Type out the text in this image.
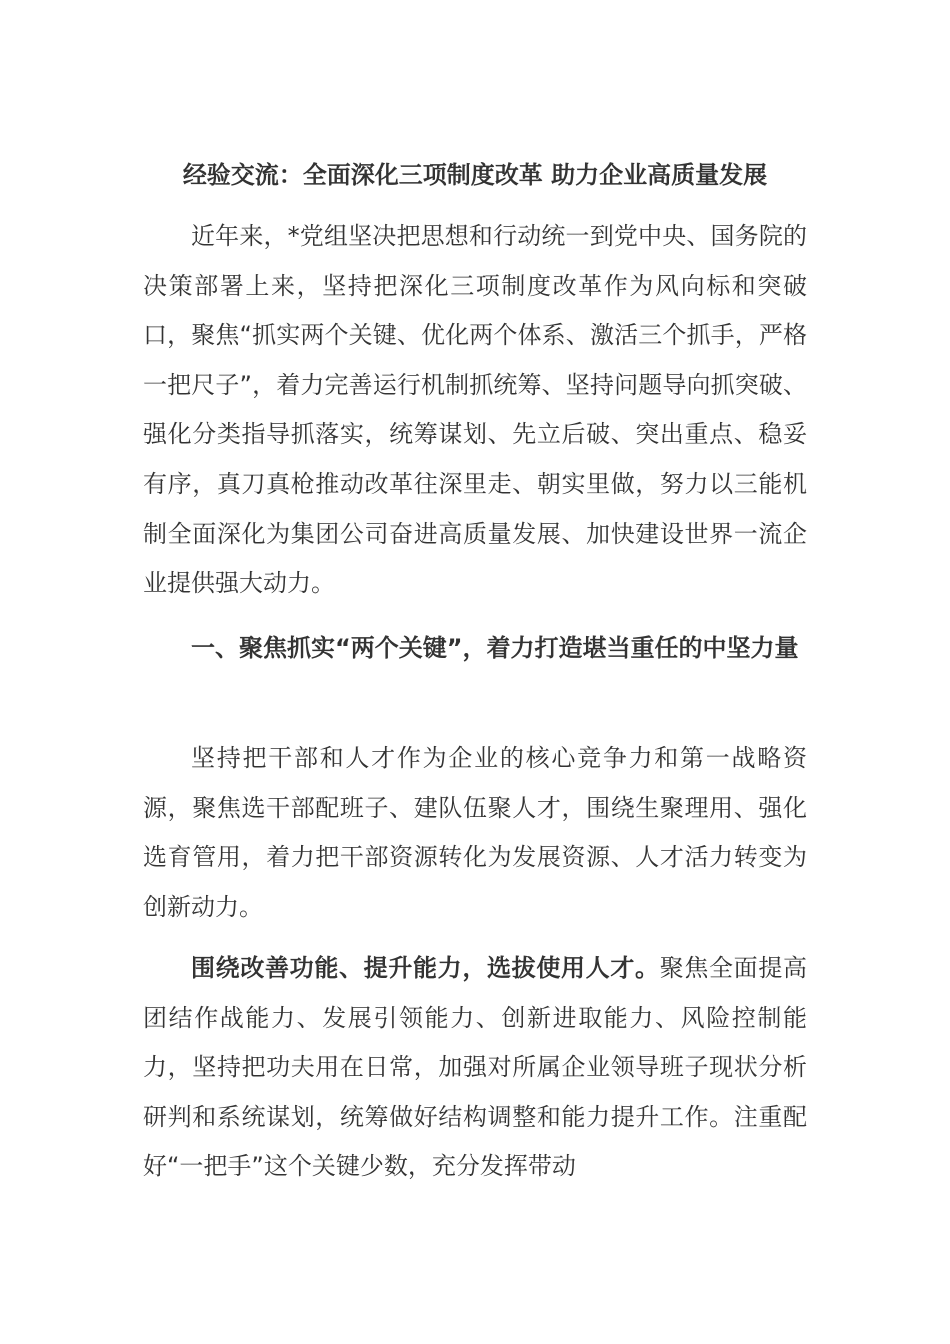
经验交流：全面深化三项制度改革 助力企业高质量发展

近年来，*党组坚决把思想和行动统一到党中央、国务院的决策部署上来，坚持把深化三项制度改革作为风向标和突破口，聚焦“抓实两个关键、优化两个体系、激活三个抓手，严格一把尺子”，着力完善运行机制抓统筹、坚持问题导向抓突破、强化分类指导抓落实，统筹谋划、先立后破、突出重点、稳妥有序，真刀真枪推动改革往深里走、朝实里做，努力以三能机制全面深化为集团公司奋进高质量发展、加快建设世界一流企业提供强大动力。

一、聚焦抓实“两个关键”，着力打造堪当重任的中坚力量

坚持把干部和人才作为企业的核心竞争力和第一战略资源，聚焦选干部配班子、建队伍聚人才，围绕生聚理用、强化选育管用，着力把干部资源转化为发展资源、人才活力转变为创新动力。

围绕改善功能、提升能力，选拔使用人才。聚焦全面提高团结作战能力、发展引领能力、创新进取能力、风险控制能力，坚持把功夫用在日常，加强对所属企业领导班子现状分析研判和系统谋划，统筹做好结构调整和能力提升工作。注重配好“一把手”这个关键少数，充分发挥带动
